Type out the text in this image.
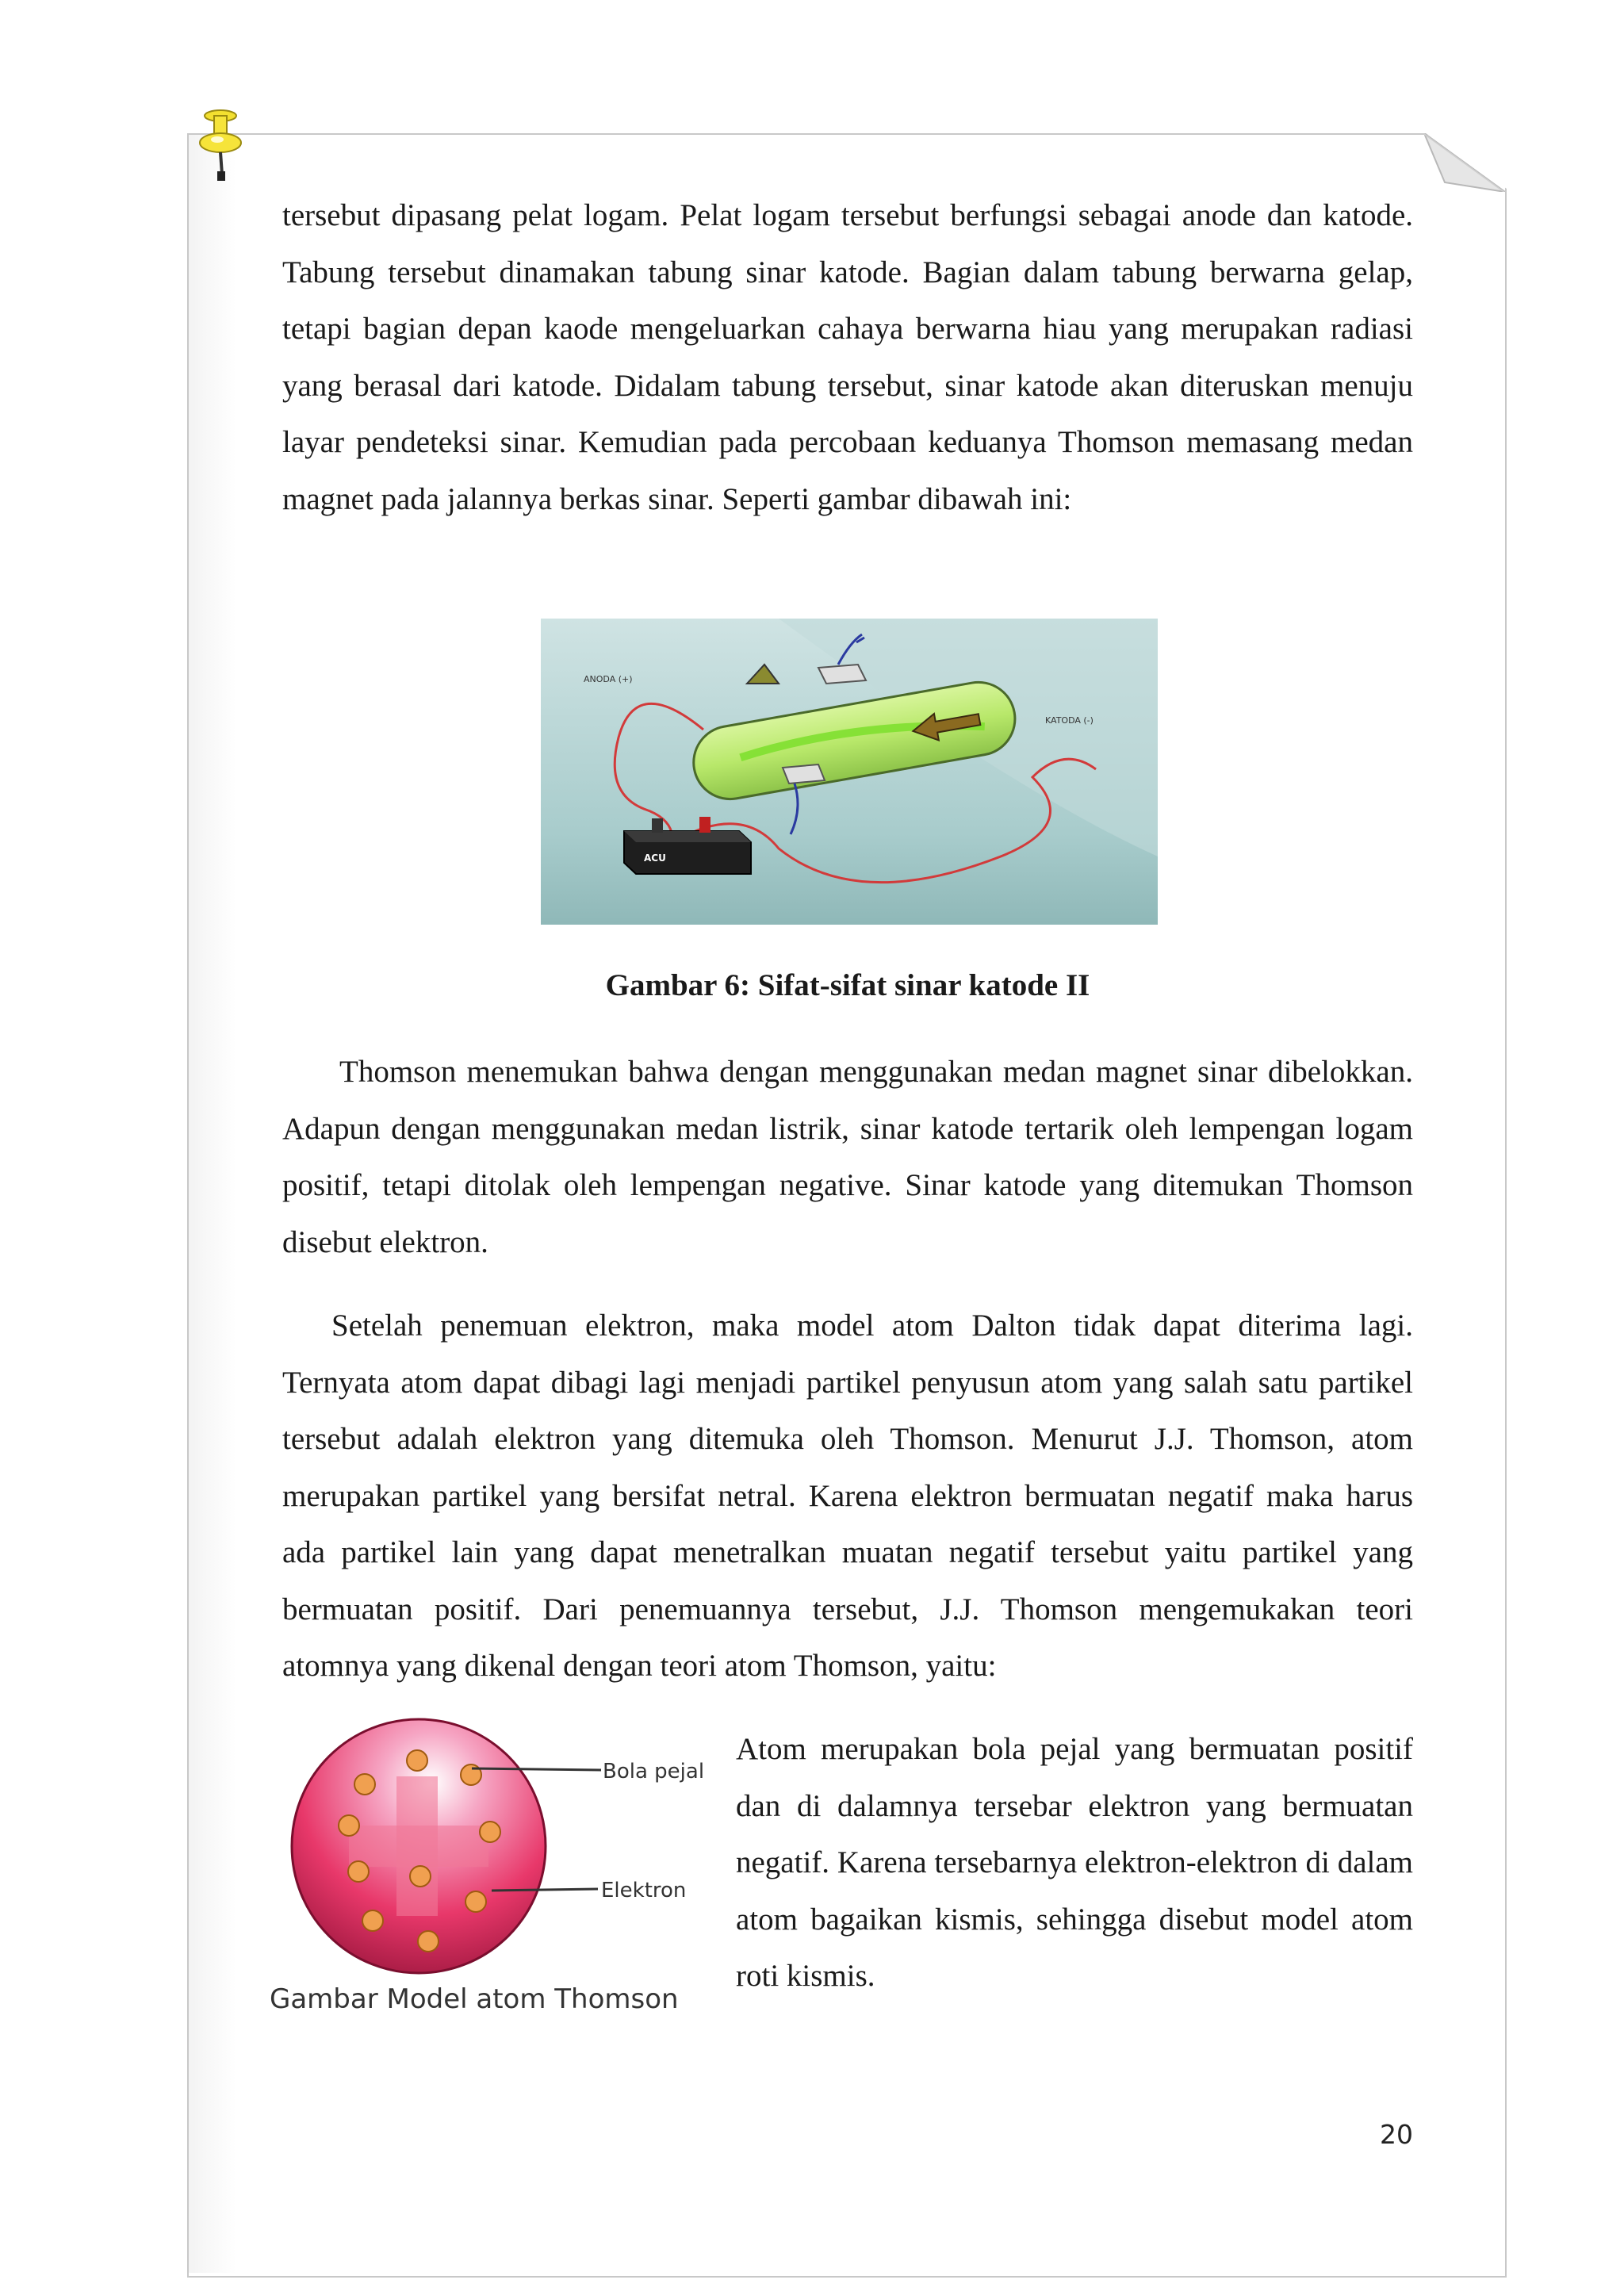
tersebut dipasang pelat logam. Pelat logam tersebut berfungsi sebagai anode dan katode. Tabung tersebut dinamakan tabung sinar katode. Bagian dalam tabung berwarna gelap, tetapi bagian depan kaode mengeluarkan cahaya berwarna hiau yang merupakan radiasi yang berasal dari katode. Didalam tabung tersebut, sinar katode akan diteruskan menuju layar pendeteksi sinar. Kemudian pada percobaan keduanya Thomson memasang medan magnet pada jalannya berkas sinar. Seperti gambar dibawah ini:

ANODA (+)
KATODA (-)
ACU

Gambar 6: Sifat-sifat sinar katode II

Thomson menemukan bahwa dengan menggunakan medan magnet sinar dibelokkan. Adapun dengan menggunakan medan listrik, sinar katode tertarik oleh lempengan logam positif, tetapi ditolak oleh lempengan negative. Sinar katode yang ditemukan Thomson disebut elektron.

Setelah penemuan elektron, maka model atom Dalton tidak dapat diterima lagi. Ternyata atom dapat dibagi lagi menjadi partikel penyusun atom yang salah satu partikel tersebut adalah elektron yang ditemuka oleh Thomson. Menurut J.J. Thomson, atom merupakan partikel yang bersifat netral. Karena elektron bermuatan negatif maka harus ada partikel lain yang dapat menetralkan muatan negatif tersebut yaitu partikel yang bermuatan positif. Dari penemuannya tersebut, J.J. Thomson mengemukakan teori atomnya yang dikenal dengan teori atom Thomson, yaitu:

Bola pejal
Elektron
Gambar Model atom Thomson

Atom merupakan bola pejal yang bermuatan positif dan di dalamnya tersebar elektron yang bermuatan negatif. Karena tersebarnya elektron-elektron di dalam atom bagaikan kismis, sehingga disebut model atom roti kismis.

20
